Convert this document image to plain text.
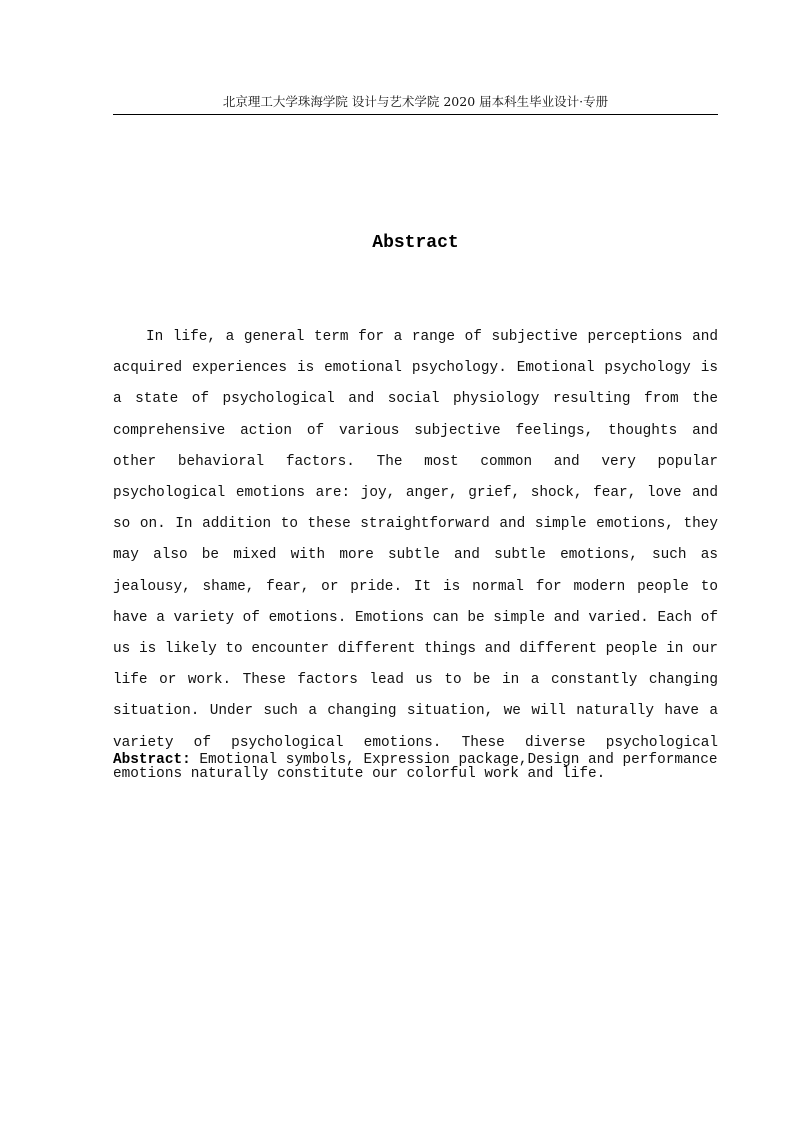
北京理工大学珠海学院 设计与艺术学院 2020 届本科生毕业设计·专册
Abstract

In life, a general term for a range of subjective perceptions and acquired experiences is emotional psychology. Emotional psychology is a state of psychological and social physiology resulting from the comprehensive action of various subjective feelings, thoughts and other behavioral factors. The most common and very popular psychological emotions are: joy, anger, grief, shock, fear, love and so on. In addition to these straightforward and simple emotions, they may also be mixed with more subtle and subtle emotions, such as jealousy, shame, fear, or pride. It is normal for modern people to have a variety of emotions. Emotions can be simple and varied. Each of us is likely to encounter different things and different people in our life or work. These factors lead us to be in a constantly changing situation. Under such a changing situation, we will naturally have a variety of psychological emotions. These diverse psychological emotions naturally constitute our colorful work and life.

Abstract: Emotional symbols, Expression package,Design and performance
